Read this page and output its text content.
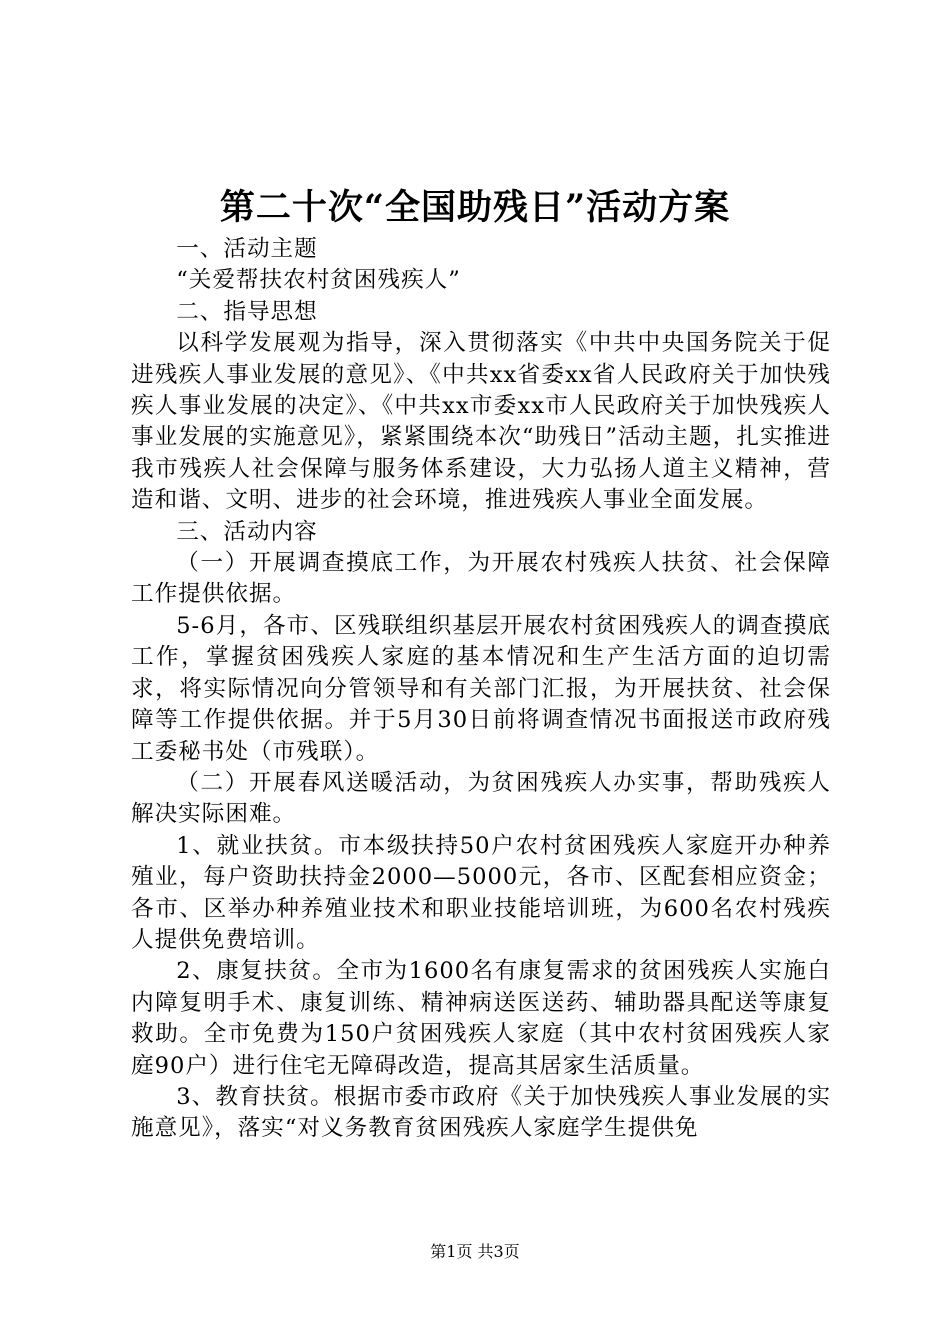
第二十次“全国助残日”活动方案

一、活动主题

“关爱帮扶农村贫困残疾人”

二、指导思想

以科学发展观为指导，深入贯彻落实《中共中央国务院关于促进残疾人事业发展的意见》、《中共xx省委xx省人民政府关于加快残疾人事业发展的决定》、《中共xx市委xx市人民政府关于加快残疾人事业发展的实施意见》，紧紧围绕本次“助残日”活动主题，扎实推进我市残疾人社会保障与服务体系建设，大力弘扬人道主义精神，营造和谐、文明、进步的社会环境，推进残疾人事业全面发展。

三、活动内容

（一）开展调查摸底工作，为开展农村残疾人扶贫、社会保障工作提供依据。

5-6月，各市、区残联组织基层开展农村贫困残疾人的调查摸底工作，掌握贫困残疾人家庭的基本情况和生产生活方面的迫切需求，将实际情况向分管领导和有关部门汇报，为开展扶贫、社会保障等工作提供依据。并于5月30日前将调查情况书面报送市政府残工委秘书处（市残联）。

（二）开展春风送暖活动，为贫困残疾人办实事，帮助残疾人解决实际困难。

1、就业扶贫。市本级扶持50户农村贫困残疾人家庭开办种养殖业，每户资助扶持金2000—5000元，各市、区配套相应资金；各市、区举办种养殖业技术和职业技能培训班，为600名农村残疾人提供免费培训。

2、康复扶贫。全市为1600名有康复需求的贫困残疾人实施白内障复明手术、康复训练、精神病送医送药、辅助器具配送等康复救助。全市免费为150户贫困残疾人家庭（其中农村贫困残疾人家庭90户）进行住宅无障碍改造，提高其居家生活质量。

3、教育扶贫。根据市委市政府《关于加快残疾人事业发展的实施意见》，落实“对义务教育贫困残疾人家庭学生提供免

第1页 共3页
